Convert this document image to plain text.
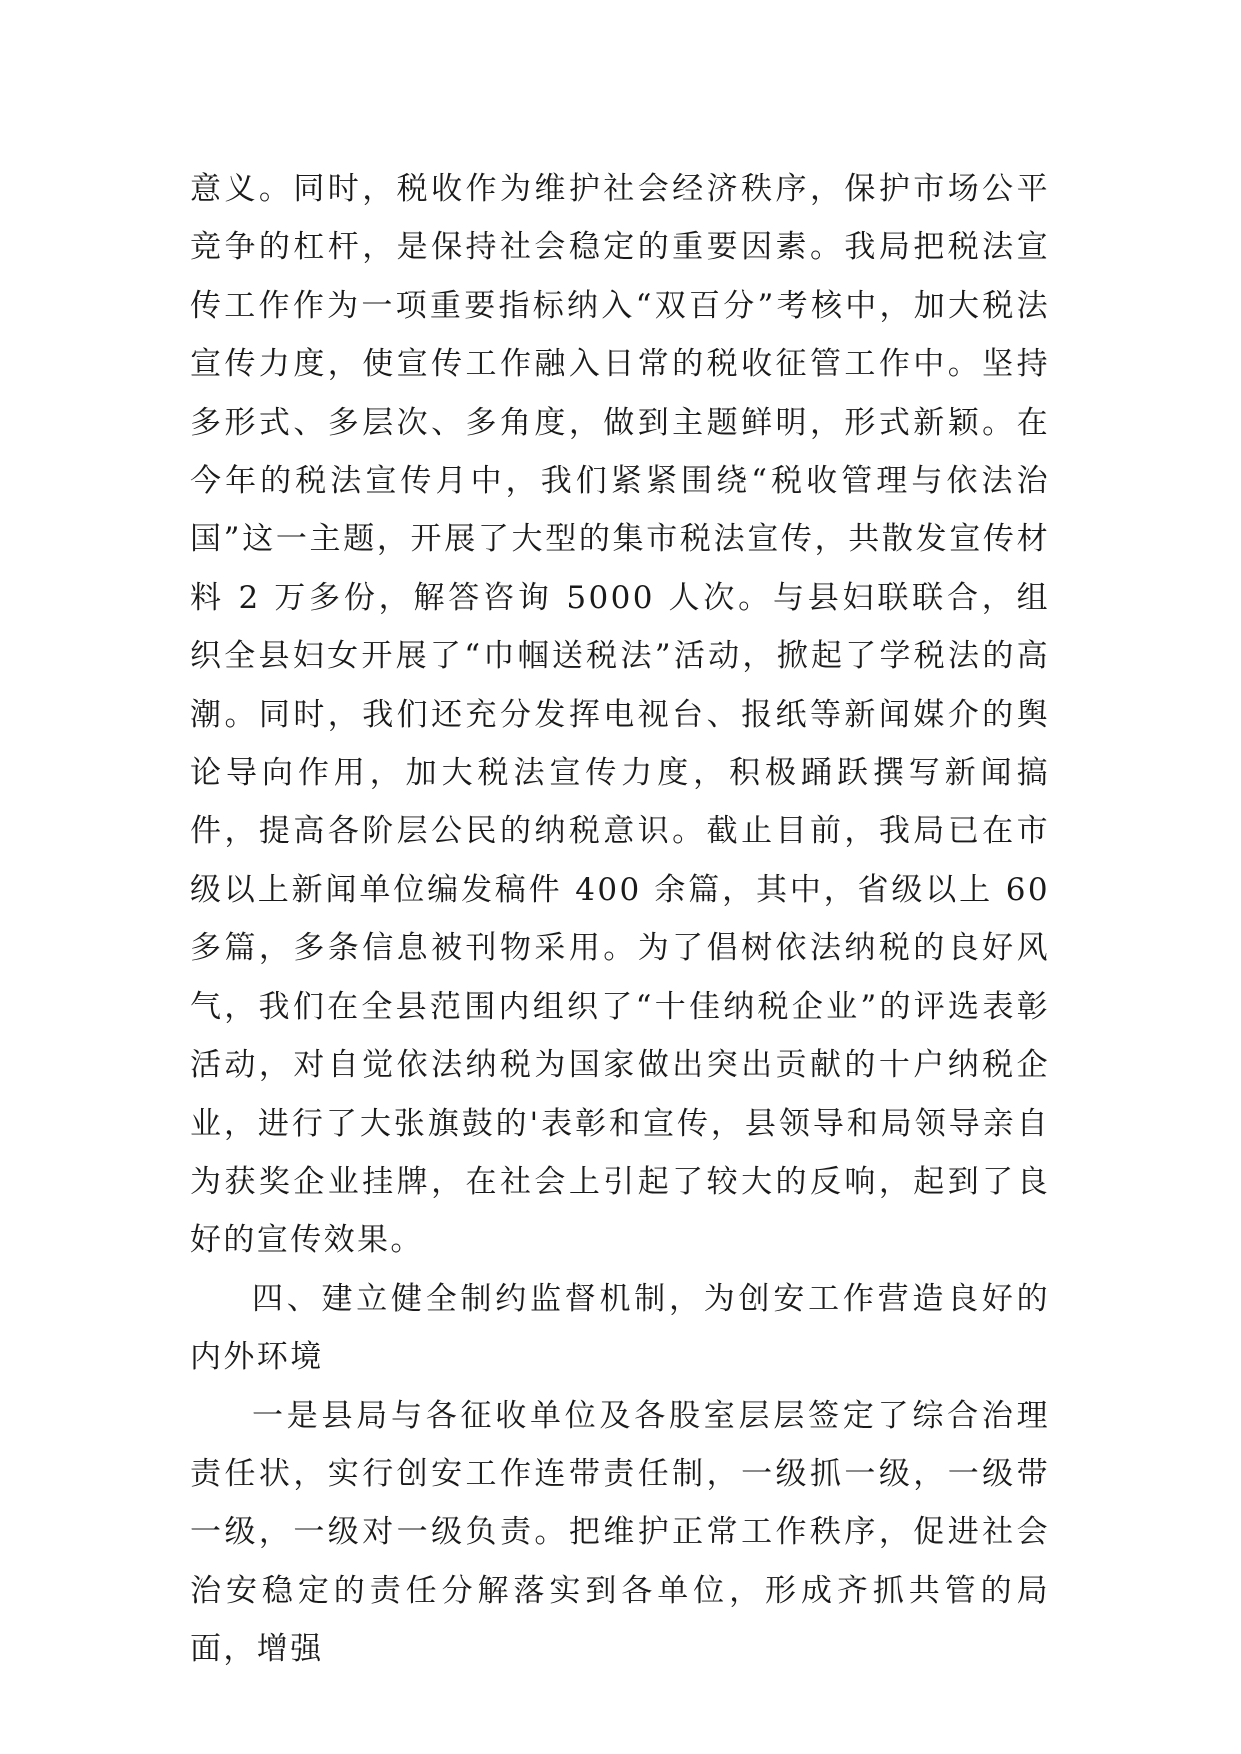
意义。同时，税收作为维护社会经济秩序，保护市场公平竞争的杠杆，是保持社会稳定的重要因素。我局把税法宣传工作作为一项重要指标纳入“双百分”考核中，加大税法宣传力度，使宣传工作融入日常的税收征管工作中。坚持多形式、多层次、多角度，做到主题鲜明，形式新颖。在今年的税法宣传月中，我们紧紧围绕“税收管理与依法治国”这一主题，开展了大型的集市税法宣传，共散发宣传材料 2 万多份，解答咨询 5000 人次。与县妇联联合，组织全县妇女开展了“巾帼送税法”活动，掀起了学税法的高潮。同时，我们还充分发挥电视台、报纸等新闻媒介的舆论导向作用，加大税法宣传力度，积极踊跃撰写新闻搞件，提高各阶层公民的纳税意识。截止目前，我局已在市级以上新闻单位编发稿件 400 余篇，其中，省级以上 60 多篇，多条信息被刊物采用。为了倡树依法纳税的良好风气，我们在全县范围内组织了“十佳纳税企业”的评选表彰活动，对自觉依法纳税为国家做出突出贡献的十户纳税企业，进行了大张旗鼓的'表彰和宣传，县领导和局领导亲自为获奖企业挂牌，在社会上引起了较大的反响，起到了良好的宣传效果。

四、建立健全制约监督机制，为创安工作营造良好的内外环境

一是县局与各征收单位及各股室层层签定了综合治理责任状，实行创安工作连带责任制，一级抓一级，一级带一级，一级对一级负责。把维护正常工作秩序，促进社会治安稳定的责任分解落实到各单位，形成齐抓共管的局面，增强
